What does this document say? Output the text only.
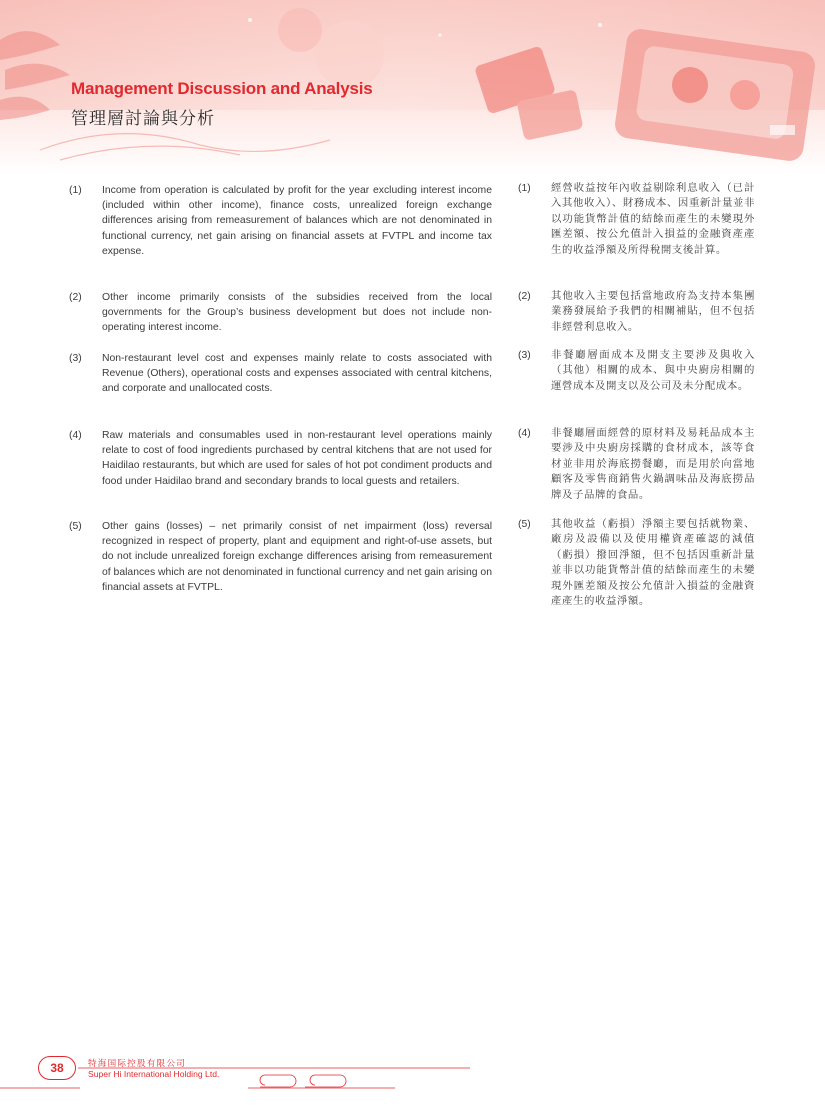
Management Discussion and Analysis
管理層討論與分析
(1) Income from operation is calculated by profit for the year excluding interest income (included within other income), finance costs, unrealized foreign exchange differences arising from remeasurement of balances which are not denominated in functional currency, net gain arising on financial assets at FVTPL and income tax expense.
(2) Other income primarily consists of the subsidies received from the local governments for the Group’s business development but does not include non-operating interest income.
(3) Non-restaurant level cost and expenses mainly relate to costs associated with Revenue (Others), operational costs and expenses associated with central kitchens, and corporate and unallocated costs.
(4) Raw materials and consumables used in non-restaurant level operations mainly relate to cost of food ingredients purchased by central kitchens that are not used for Haidilao restaurants, but which are used for sales of hot pot condiment products and food under Haidilao brand and secondary brands to local guests and retailers.
(5) Other gains (losses) – net primarily consist of net impairment (loss) reversal recognized in respect of property, plant and equipment and right-of-use assets, but do not include unrealized foreign exchange differences arising from remeasurement of balances which are not denominated in functional currency and net gain arising on financial assets at FVTPL.
(1) 經營收益按年內收益剔除利息收入（已計入其他收入）、財務成本、因重新計量並非以功能貨幣計值的結餘而產生的未變現外匯差額、按公允值計入損益的金融資產產生的收益淨額及所得稅開支後計算。
(2) 其他收入主要包括當地政府為支持本集團業務發展給予我們的相關補貼，但不包括非經營利息收入。
(3) 非餐廳層面成本及開支主要涉及與收入（其他）相關的成本、與中央廚房相關的運營成本及開支以及公司及未分配成本。
(4) 非餐廳層面經營的原材料及易耗品成本主要涉及中央廚房採購的食材成本，該等食材並非用於海底撈餐廳，而是用於向當地顧客及零售商銷售火鍋調味品及海底撈品牌及子品牌的食品。
(5) 其他收益（虧損）淨額主要包括就物業、廠房及設備以及使用權資產確認的減值（虧損）撥回淨額，但不包括因重新計量並非以功能貨幣計值的結餘而產生的未變現外匯差額及按公允值計入損益的金融資產產生的收益淨額。
38	特海国际控股有限公司
Super Hi International Holding Ltd.
